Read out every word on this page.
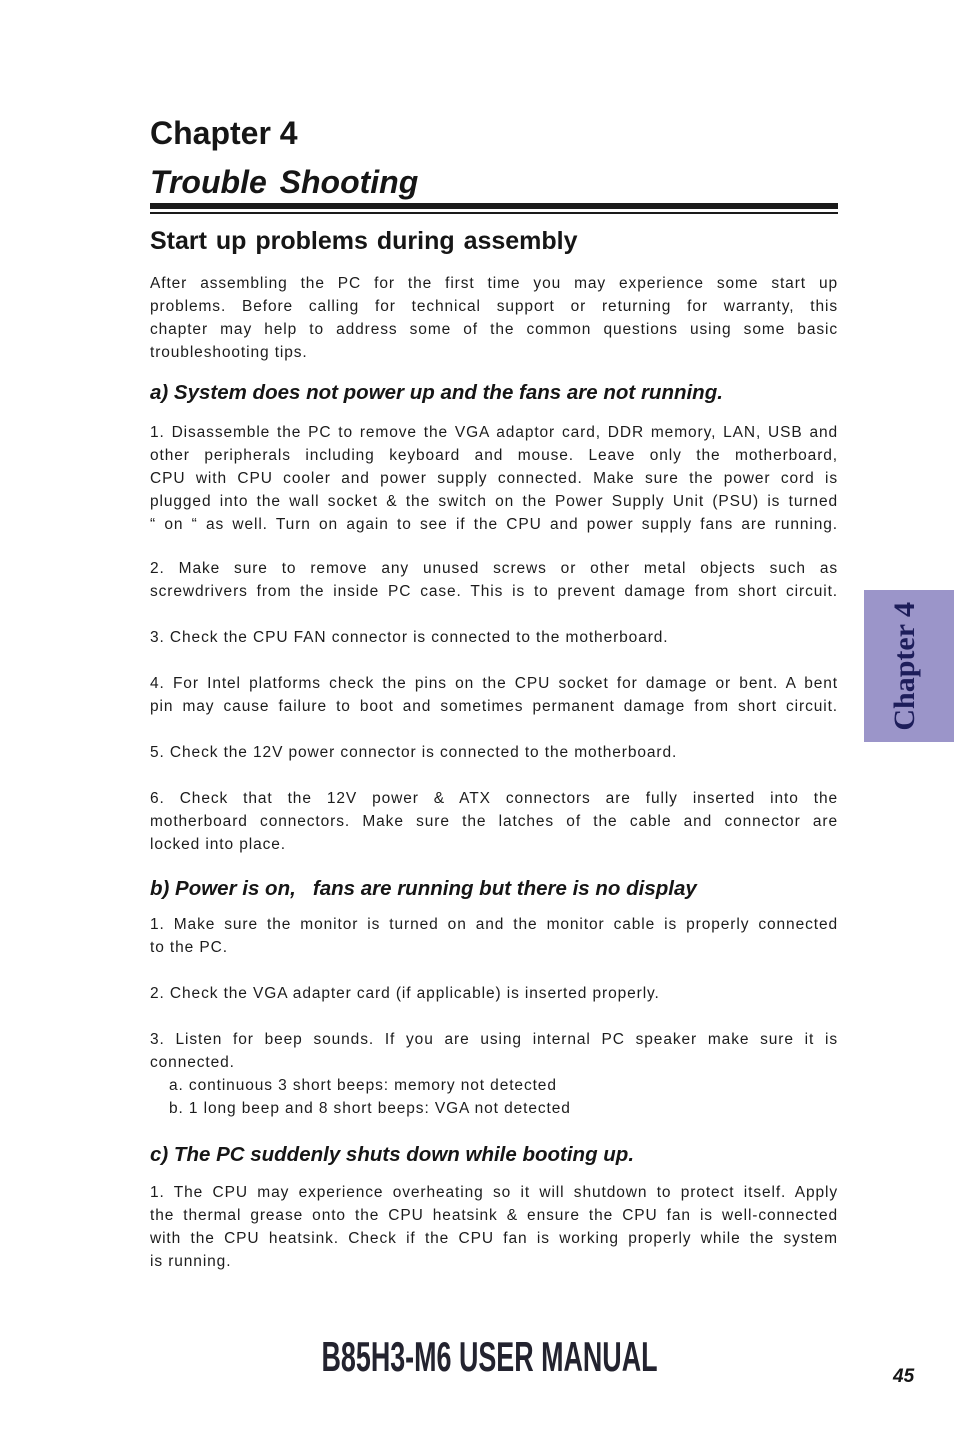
Chapter 4
Trouble Shooting
Start up problems during assembly
After assembling the PC for the first time you may experience some start up
problems. Before calling for technical support or returning for warranty, this
chapter may help to address some of the common questions using some basic
troubleshooting tips.
a) System does not power up and the fans are not running.
1. Disassemble the PC to remove the VGA adaptor card, DDR memory, LAN, USB and
other peripherals including keyboard and mouse. Leave only the motherboard,
CPU with CPU cooler and power supply connected. Make sure the power cord is
plugged into the wall socket & the switch on the Power Supply Unit (PSU) is turned
“ on “ as well. Turn on again to see if the CPU and power supply fans are running.
2. Make sure to remove any unused screws or other metal objects such as
screwdrivers from the inside PC case. This is to prevent damage from short circuit.
3. Check the CPU FAN connector is connected to the motherboard.
4. For Intel platforms check the pins on the CPU socket for damage or bent. A bent
pin may cause failure to boot and sometimes permanent damage from short circuit.
5. Check the 12V power connector is connected to the motherboard.
6. Check that the 12V power & ATX connectors are fully inserted into the
motherboard connectors. Make sure the latches of the cable and connector are
locked into place.
b) Power is on,   fans are running but there is no display
1. Make sure the monitor is turned on and the monitor cable is properly connected
to the PC.
2. Check the VGA adapter card (if applicable) is inserted properly.
3. Listen for beep sounds. If you are using internal PC speaker make sure it is
connected.
a. continuous 3 short beeps: memory not detected
b. 1 long beep and 8 short beeps: VGA not detected
c) The PC suddenly shuts down while booting up.
1. The CPU may experience overheating so it will shutdown to protect itself. Apply
the thermal grease onto the CPU heatsink & ensure the CPU fan is well-connected
with the CPU heatsink. Check if the CPU fan is working properly while the system
is running.
Chapter 4
B85H3-M6 USER MANUAL	45
